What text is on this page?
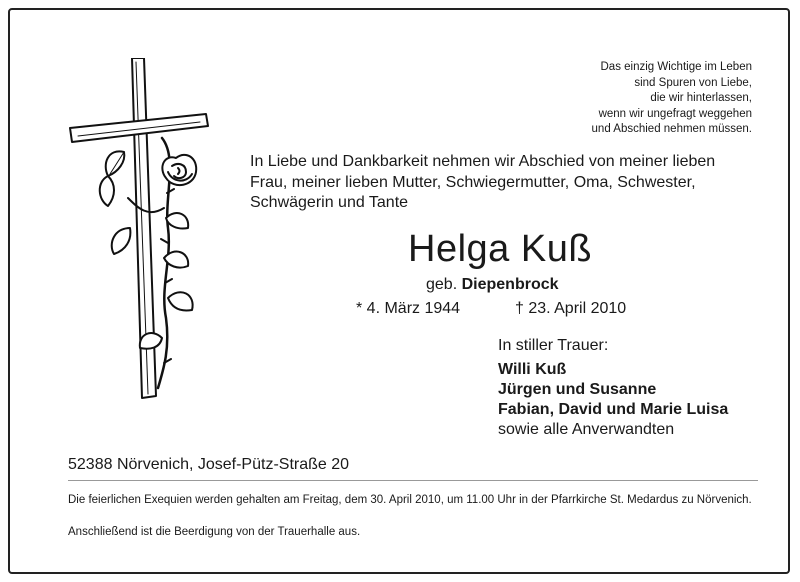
Das einzig Wichtige im Leben
sind Spuren von Liebe,
die wir hinterlassen,
wenn wir ungefragt weggehen
und Abschied nehmen müssen.
In Liebe und Dankbarkeit nehmen wir Abschied von meiner lieben
Frau, meiner lieben Mutter, Schwiegermutter, Oma, Schwester,
Schwägerin und Tante
Helga Kuß
geb. Diepenbrock
* 4. März 1944	† 23. April 2010
In stiller Trauer:
Willi Kuß
Jürgen und Susanne
Fabian, David und Marie Luisa
sowie alle Anverwandten
52388 Nörvenich, Josef-Pütz-Straße 20
Die feierlichen Exequien werden gehalten am Freitag, dem 30. April 2010, um 11.00 Uhr in der Pfarrkirche St. Medardus zu Nörvenich.
Anschließend ist die Beerdigung von der Trauerhalle aus.
